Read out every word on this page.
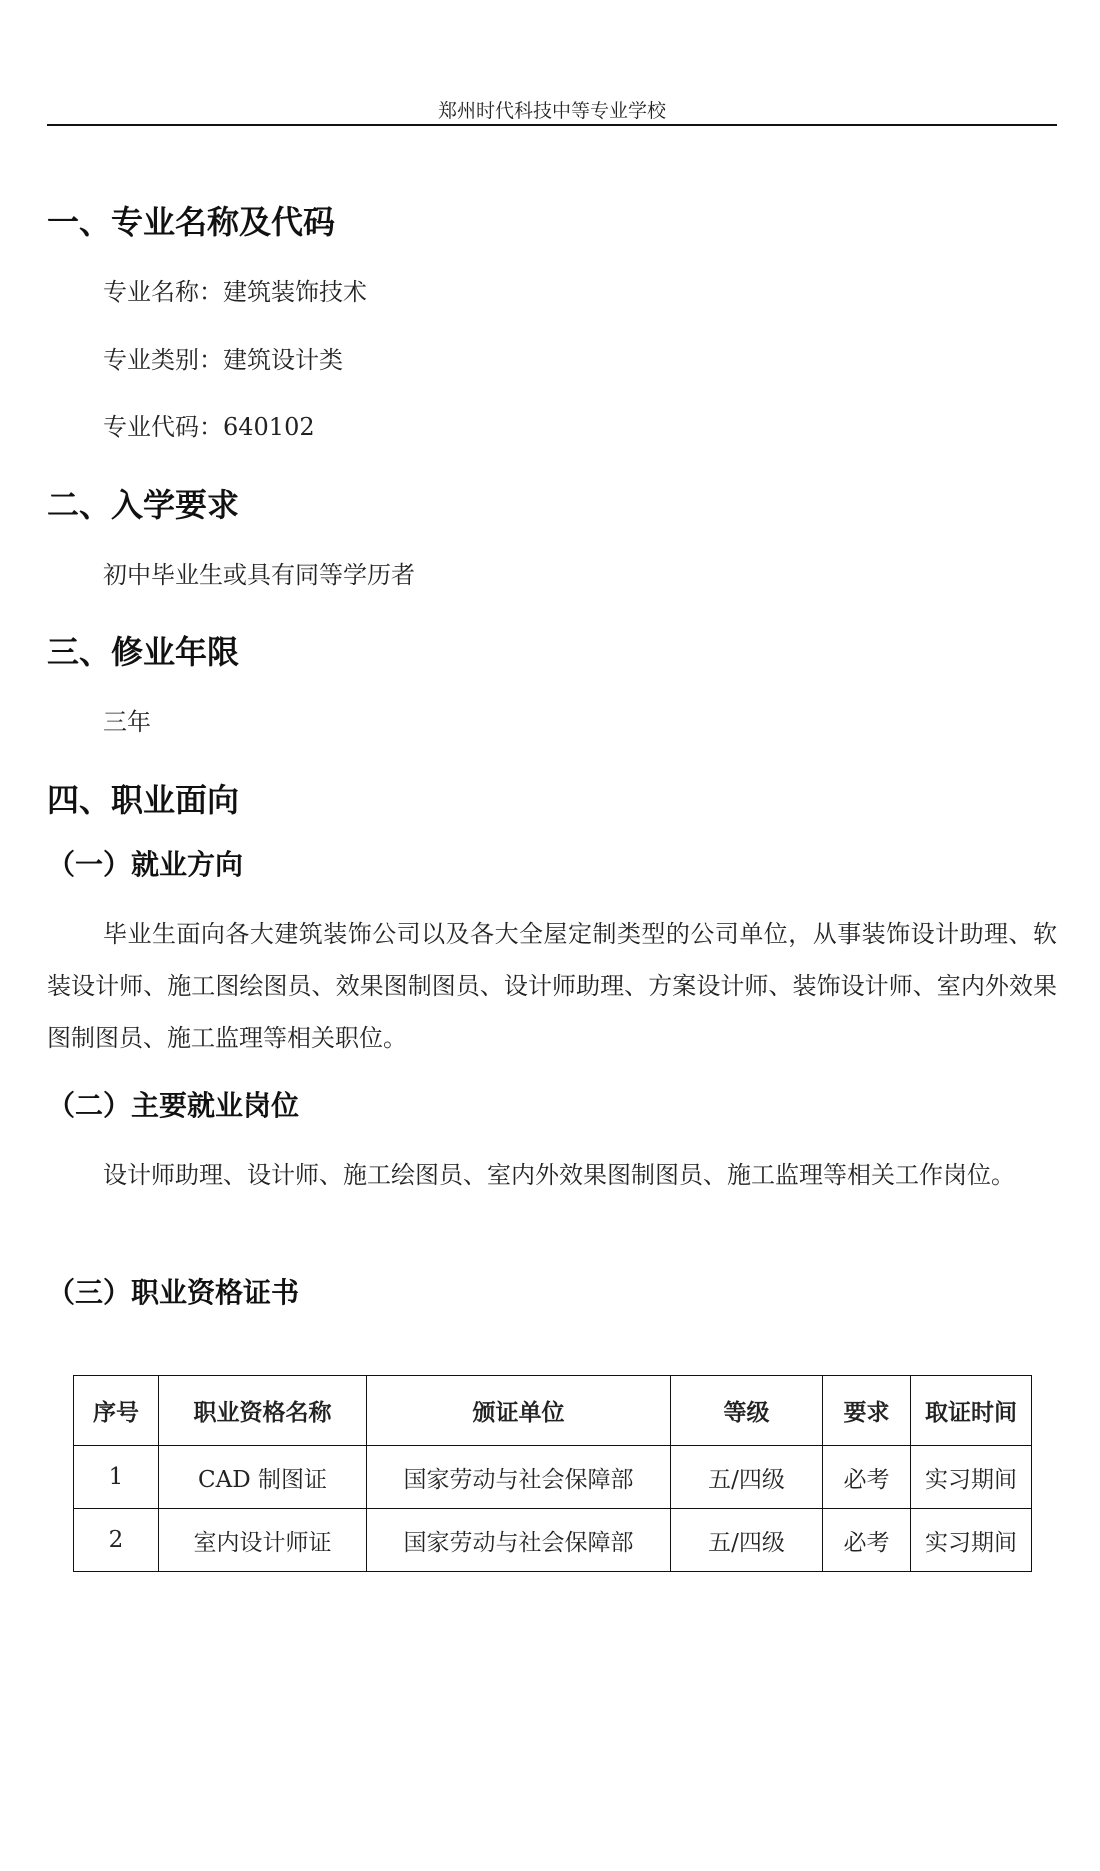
郑州时代科技中等专业学校
一、专业名称及代码
专业名称：建筑装饰技术
专业类别：建筑设计类
专业代码：640102
二、入学要求
初中毕业生或具有同等学历者
三、修业年限
三年
四、职业面向
（一）就业方向

毕业生面向各大建筑装饰公司以及各大全屋定制类型的公司单位，从事装饰设计助理、软装设计师、施工图绘图员、效果图制图员、设计师助理、方案设计师、装饰设计师、室内外效果图制图员、施工监理等相关职位。

（二）主要就业岗位

设计师助理、设计师、施工绘图员、室内外效果图制图员、施工监理等相关工作岗位。

（三）职业资格证书
序号	职业资格名称	颁证单位	等级	要求	取证时间
1	CAD 制图证	国家劳动与社会保障部	五/四级	必考	实习期间
2	室内设计师证	国家劳动与社会保障部	五/四级	必考	实习期间
